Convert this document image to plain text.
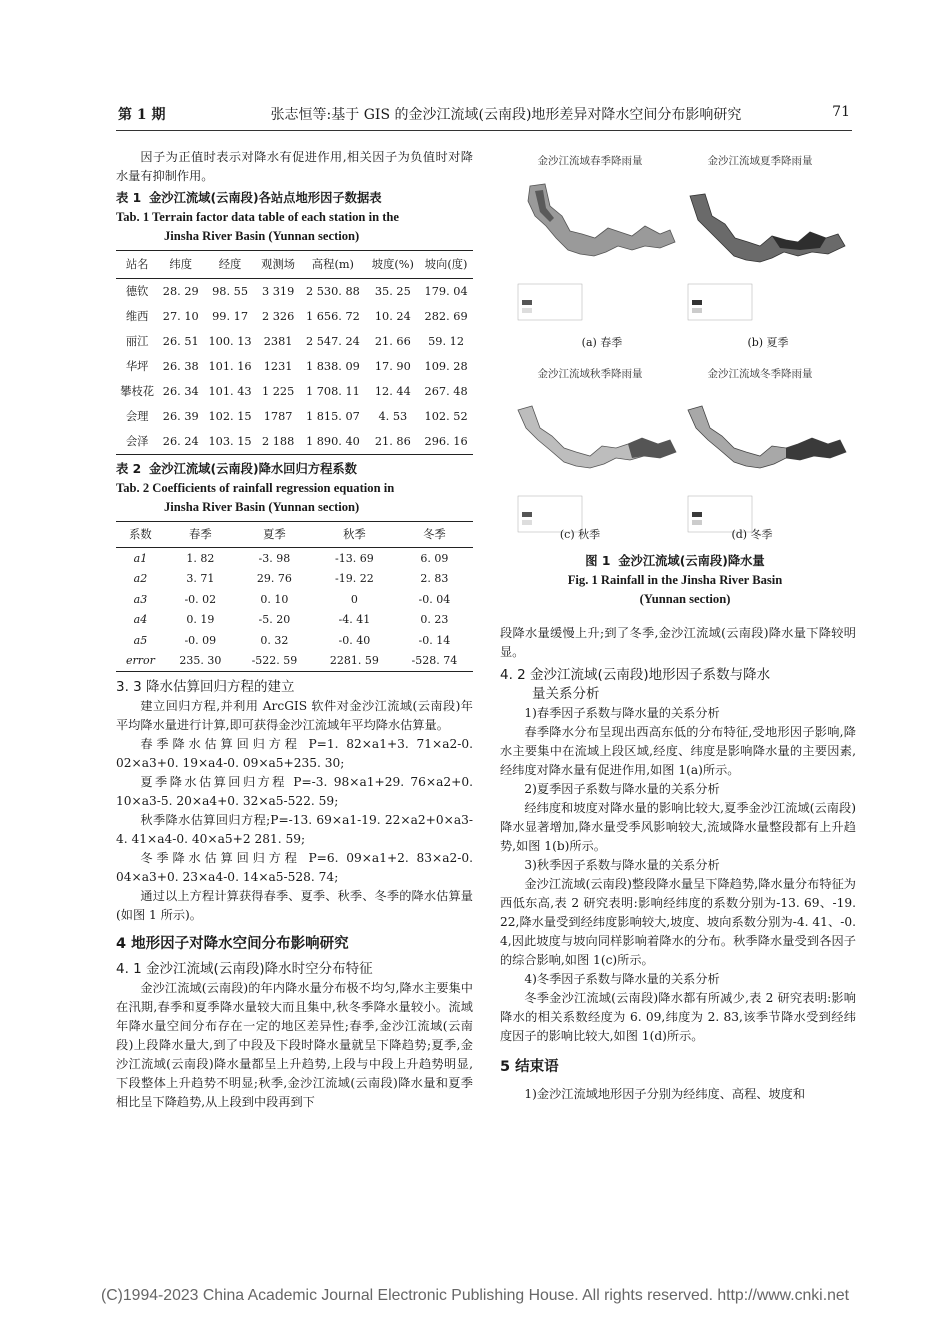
第 1 期	张志恒等:基于 GIS 的金沙江流域(云南段)地形差异对降水空间分布影响研究	71

因子为正值时表示对降水有促进作用,相关因子为负值时对降水量有抑制作用。

表 1 金沙江流域(云南段)各站点地形因子数据表

Tab. 1 Terrain factor data table of each station in the

Jinsha River Basin (Yunnan section)

站名	纬度	经度	观测场	高程(m)	坡度(%)	坡向(度)
德钦	28. 29	98. 55	3 319	2 530. 88	35. 25	179. 04
维西	27. 10	99. 17	2 326	1 656. 72	10. 24	282. 69
丽江	26. 51	100. 13	2381	2 547. 24	21. 66	59. 12
华坪	26. 38	101. 16	1231	1 838. 09	17. 90	109. 28
攀枝花	26. 34	101. 43	1 225	1 708. 11	12. 44	267. 48
会理	26. 39	102. 15	1787	1 815. 07	4. 53	102. 52
会泽	26. 24	103. 15	2 188	1 890. 40	21. 86	296. 16

表 2 金沙江流域(云南段)降水回归方程系数

Tab. 2 Coefficients of rainfall regression equation in

Jinsha River Basin (Yunnan section)

系数	春季	夏季	秋季	冬季
a1	1. 82	-3. 98	-13. 69	6. 09
a2	3. 71	29. 76	-19. 22	2. 83
a3	-0. 02	0. 10	0	-0. 04
a4	0. 19	-5. 20	-4. 41	0. 23
a5	-0. 09	0. 32	-0. 40	-0. 14
error	235. 30	-522. 59	2281. 59	-528. 74

3. 3 降水估算回归方程的建立

建立回归方程,并利用 ArcGIS 软件对金沙江流域(云南段)年平均降水量进行计算,即可获得金沙江流域年平均降水估算量。

春季降水估算回归方程 P=1. 82×a1+3. 71×a2-0. 02×a3+0. 19×a4-0. 09×a5+235. 30;

夏季降水估算回归方程 P=-3. 98×a1+29. 76×a2+0. 10×a3-5. 20×a4+0. 32×a5-522. 59;

秋季降水估算回归方程;P=-13. 69×a1-19. 22×a2+0×a3-4. 41×a4-0. 40×a5+2 281. 59;

冬季降水估算回归方程 P=6. 09×a1+2. 83×a2-0. 04×a3+0. 23×a4-0. 14×a5-528. 74;

通过以上方程计算获得春季、夏季、秋季、冬季的降水估算量(如图 1 所示)。

4 地形因子对降水空间分布影响研究

4. 1 金沙江流域(云南段)降水时空分布特征

金沙江流域(云南段)的年内降水量分布极不均匀,降水主要集中在汛期,春季和夏季降水量较大而且集中,秋冬季降水量较小。流域年降水量空间分布存在一定的地区差异性;春季,金沙江流域(云南段)上段降水量大,到了中段及下段时降水量就呈下降趋势;夏季,金沙江流域(云南段)降水量都呈上升趋势,上段与中段上升趋势明显,下段整体上升趋势不明显;秋季,金沙江流域(云南段)降水量和夏季相比呈下降趋势,从上段到中段再到下

金沙江流域春季降雨量	金沙江流域夏季降雨量
(a) 春季	(b) 夏季
金沙江流域秋季降雨量	金沙江流域冬季降雨量
(c) 秋季	(d) 冬季

图 1 金沙江流域(云南段)降水量

Fig. 1 Rainfall in the Jinsha River Basin

(Yunnan section)

段降水量缓慢上升;到了冬季,金沙江流域(云南段)降水量下降较明显。

4. 2 金沙江流域(云南段)地形因子系数与降水

量关系分析

1)春季因子系数与降水量的关系分析

春季降水分布呈现出西高东低的分布特征,受地形因子影响,降水主要集中在流域上段区域,经度、纬度是影响降水量的主要因素,经纬度对降水量有促进作用,如图 1(a)所示。

2)夏季因子系数与降水量的关系分析

经纬度和坡度对降水量的影响比较大,夏季金沙江流域(云南段)降水显著增加,降水量受季风影响较大,流域降水量整段都有上升趋势,如图 1(b)所示。

3)秋季因子系数与降水量的关系分析

金沙江流域(云南段)整段降水量呈下降趋势,降水量分布特征为西低东高,表 2 研究表明:影响经纬度的系数分别为-13. 69、-19. 22,降水量受到经纬度影响较大,坡度、坡向系数分别为-4. 41、-0. 4,因此坡度与坡向同样影响着降水的分布。秋季降水量受到各因子的综合影响,如图 1(c)所示。

4)冬季因子系数与降水量的关系分析

冬季金沙江流域(云南段)降水都有所减少,表 2 研究表明:影响降水的相关系数经度为 6. 09,纬度为 2. 83,该季节降水受到经纬度因子的影响比较大,如图 1(d)所示。

5 结束语

1)金沙江流域地形因子分别为经纬度、高程、坡度和

(C)1994-2023 China Academic Journal Electronic Publishing House. All rights reserved. http://www.cnki.net
